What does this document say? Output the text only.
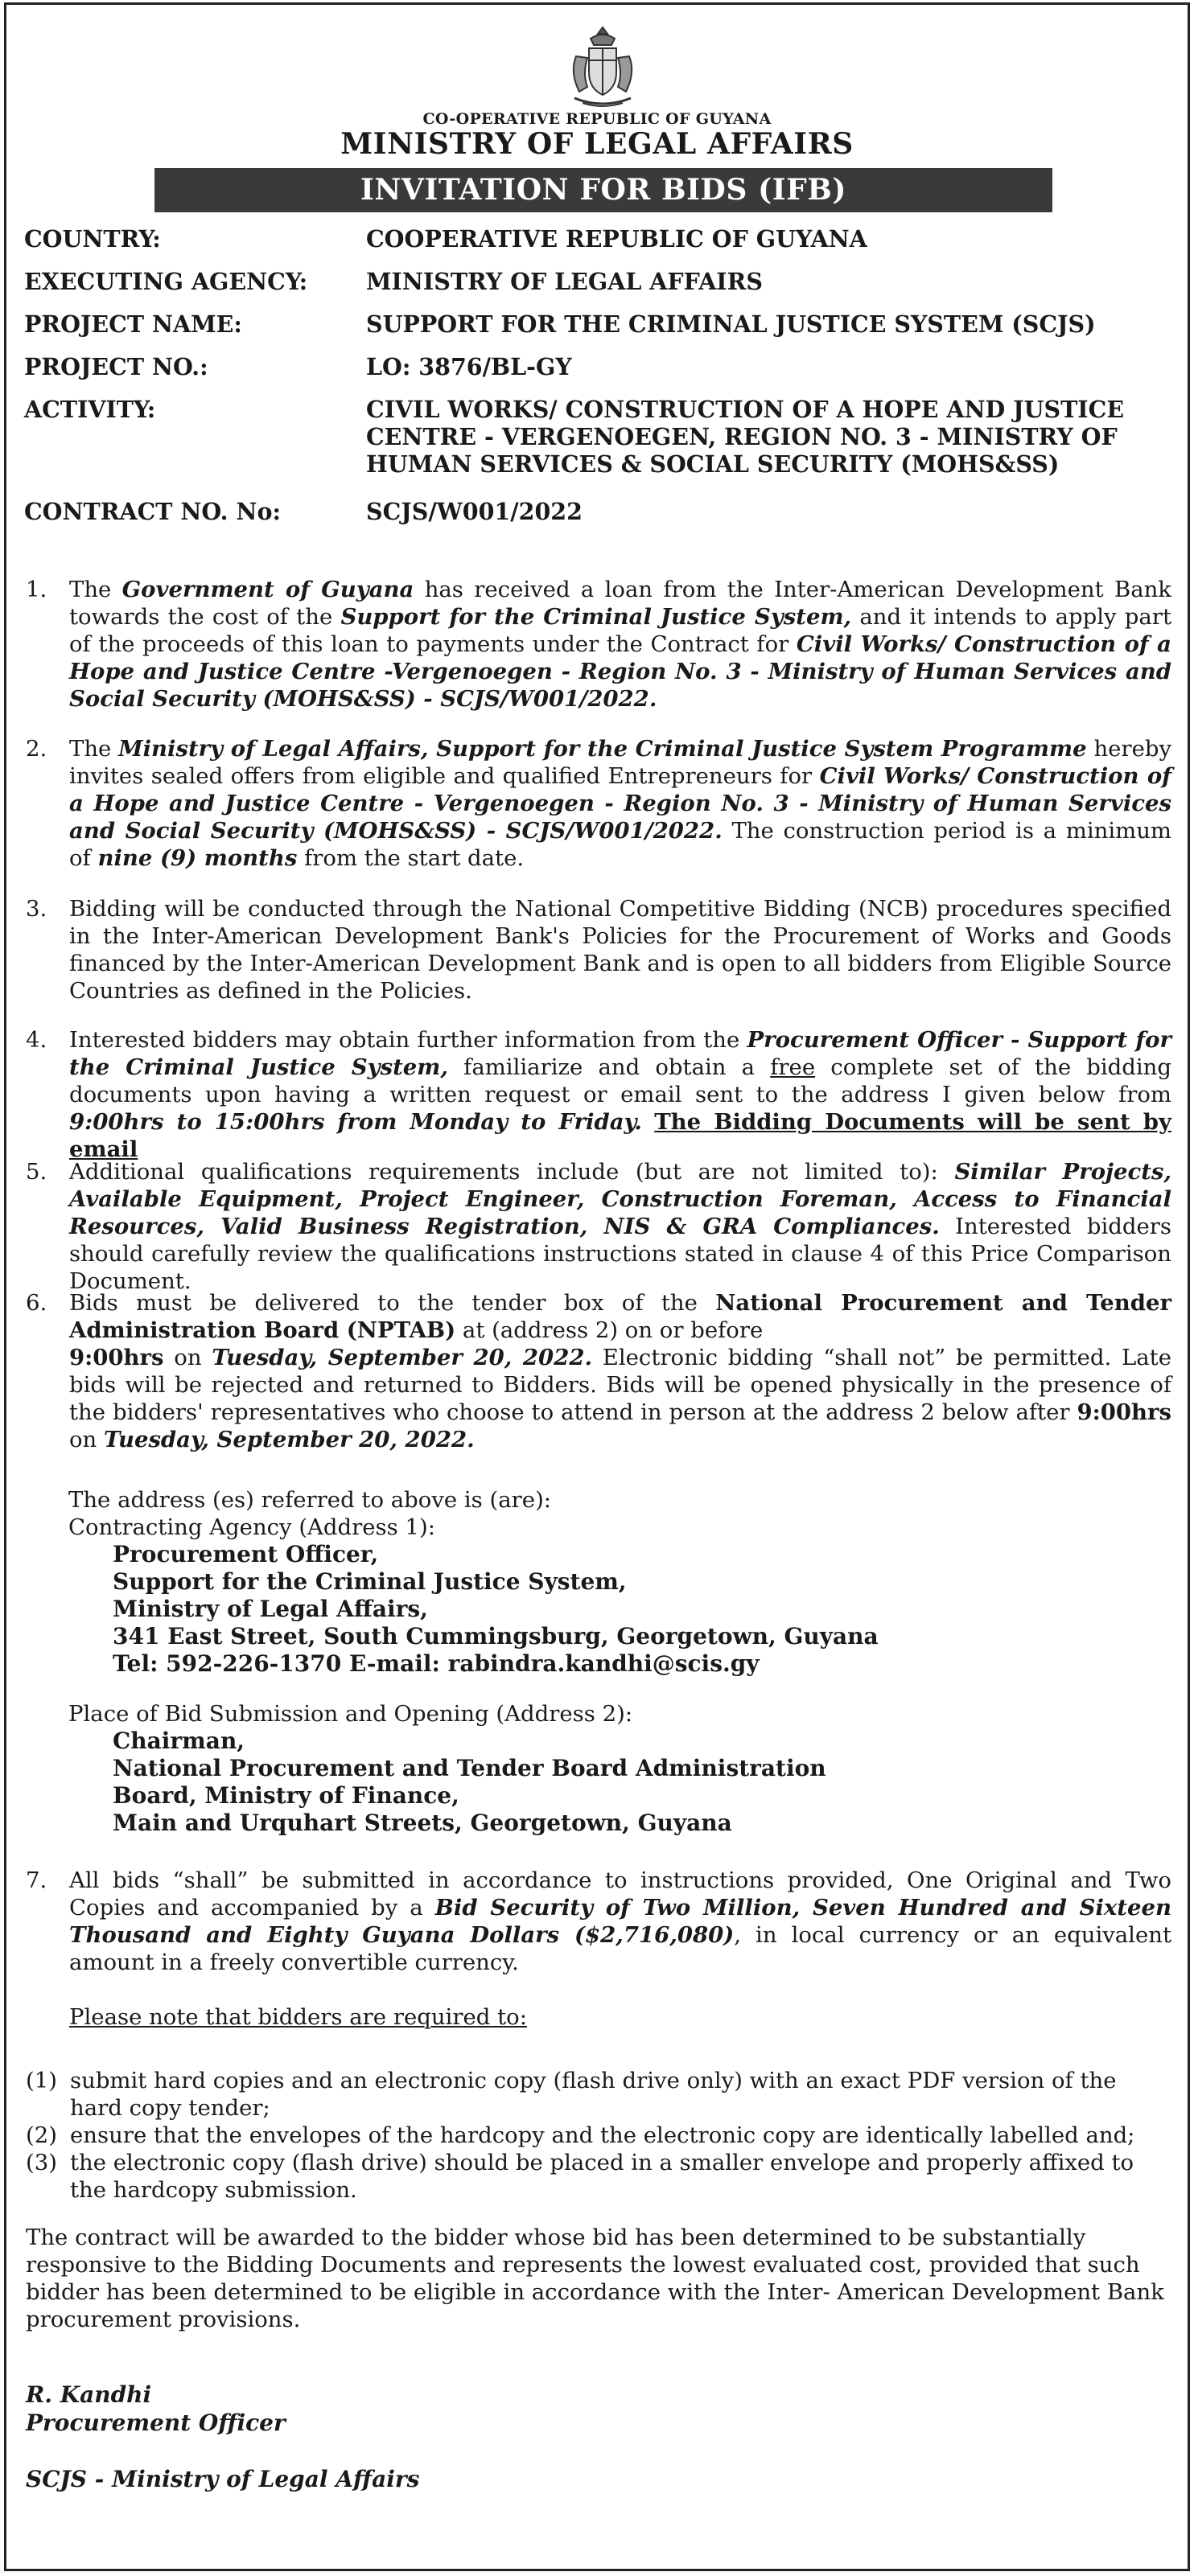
CO-OPERATIVE REPUBLIC OF GUYANA
MINISTRY OF LEGAL AFFAIRS
INVITATION FOR BIDS (IFB)
COUNTRY:	COOPERATIVE REPUBLIC OF GUYANA
EXECUTING AGENCY:	MINISTRY OF LEGAL AFFAIRS
PROJECT NAME:	SUPPORT FOR THE CRIMINAL JUSTICE SYSTEM (SCJS)
PROJECT NO.:	LO: 3876/BL-GY
ACTIVITY:	CIVIL WORKS/ CONSTRUCTION OF A HOPE AND JUSTICE
CENTRE - VERGENOEGEN, REGION NO. 3 - MINISTRY OF
HUMAN SERVICES & SOCIAL SECURITY (MOHS&SS)
CONTRACT NO. No:	SCJS/W001/2022
1.	The Government of Guyana has received a loan from the Inter-American Development Bank towards the cost of the Support for the Criminal Justice System, and it intends to apply part of the proceeds of this loan to payments under the Contract for Civil Works/ Construction of a Hope and Justice Centre -Vergenoegen - Region No. 3 - Ministry of Human Services and Social Security (MOHS&SS) - SCJS/W001/2022.
2.	The Ministry of Legal Affairs, Support for the Criminal Justice System Programme hereby invites sealed offers from eligible and qualified Entrepreneurs for Civil Works/ Construction of a Hope and Justice Centre - Vergenoegen - Region No. 3 - Ministry of Human Services and Social Security (MOHS&SS) - SCJS/W001/2022. The construction period is a minimum of nine (9) months from the start date.
3.	Bidding will be conducted through the National Competitive Bidding (NCB) procedures specified in the Inter-American Development Bank's Policies for the Procurement of Works and Goods financed by the Inter-American Development Bank and is open to all bidders from Eligible Source Countries as defined in the Policies.
4.	Interested bidders may obtain further information from the Procurement Officer - Support for the Criminal Justice System, familiarize and obtain a free complete set of the bidding documents upon having a written request or email sent to the address I given below from 9:00hrs to 15:00hrs from Monday to Friday. The Bidding Documents will be sent by email
5.	Additional qualifications requirements include (but are not limited to): Similar Projects, Available Equipment, Project Engineer, Construction Foreman, Access to Financial Resources, Valid Business Registration, NIS & GRA Compliances. Interested bidders should carefully review the qualifications instructions stated in clause 4 of this Price Comparison Document.
6.	Bids must be delivered to the tender box of the National Procurement and Tender Administration Board (NPTAB) at (address 2) on or before
9:00hrs on Tuesday, September 20, 2022. Electronic bidding “shall not” be permitted. Late bids will be rejected and returned to Bidders. Bids will be opened physically in the presence of the bidders' representatives who choose to attend in person at the address 2 below after 9:00hrs on Tuesday, September 20, 2022.
The address (es) referred to above is (are):
Contracting Agency (Address 1):
Procurement Officer,
Support for the Criminal Justice System,
Ministry of Legal Affairs,
341 East Street, South Cummingsburg, Georgetown, Guyana
Tel: 592-226-1370 E-mail: rabindra.kandhi@scis.gy
Place of Bid Submission and Opening (Address 2):
Chairman,
National Procurement and Tender Board Administration
Board, Ministry of Finance,
Main and Urquhart Streets, Georgetown, Guyana
7.	All bids “shall” be submitted in accordance to instructions provided, One Original and Two Copies and accompanied by a Bid Security of Two Million, Seven Hundred and Sixteen Thousand and Eighty Guyana Dollars ($2,716,080), in local currency or an equivalent amount in a freely convertible currency.
Please note that bidders are required to:
(1) submit hard copies and an electronic copy (flash drive only) with an exact PDF version of the hard copy tender;
(2) ensure that the envelopes of the hardcopy and the electronic copy are identically labelled and;
(3) the electronic copy (flash drive) should be placed in a smaller envelope and properly affixed to the hardcopy submission.
The contract will be awarded to the bidder whose bid has been determined to be substantially responsive to the Bidding Documents and represents the lowest evaluated cost, provided that such bidder has been determined to be eligible in accordance with the Inter- American Development Bank procurement provisions.
R. Kandhi
Procurement Officer
SCJS - Ministry of Legal Affairs
